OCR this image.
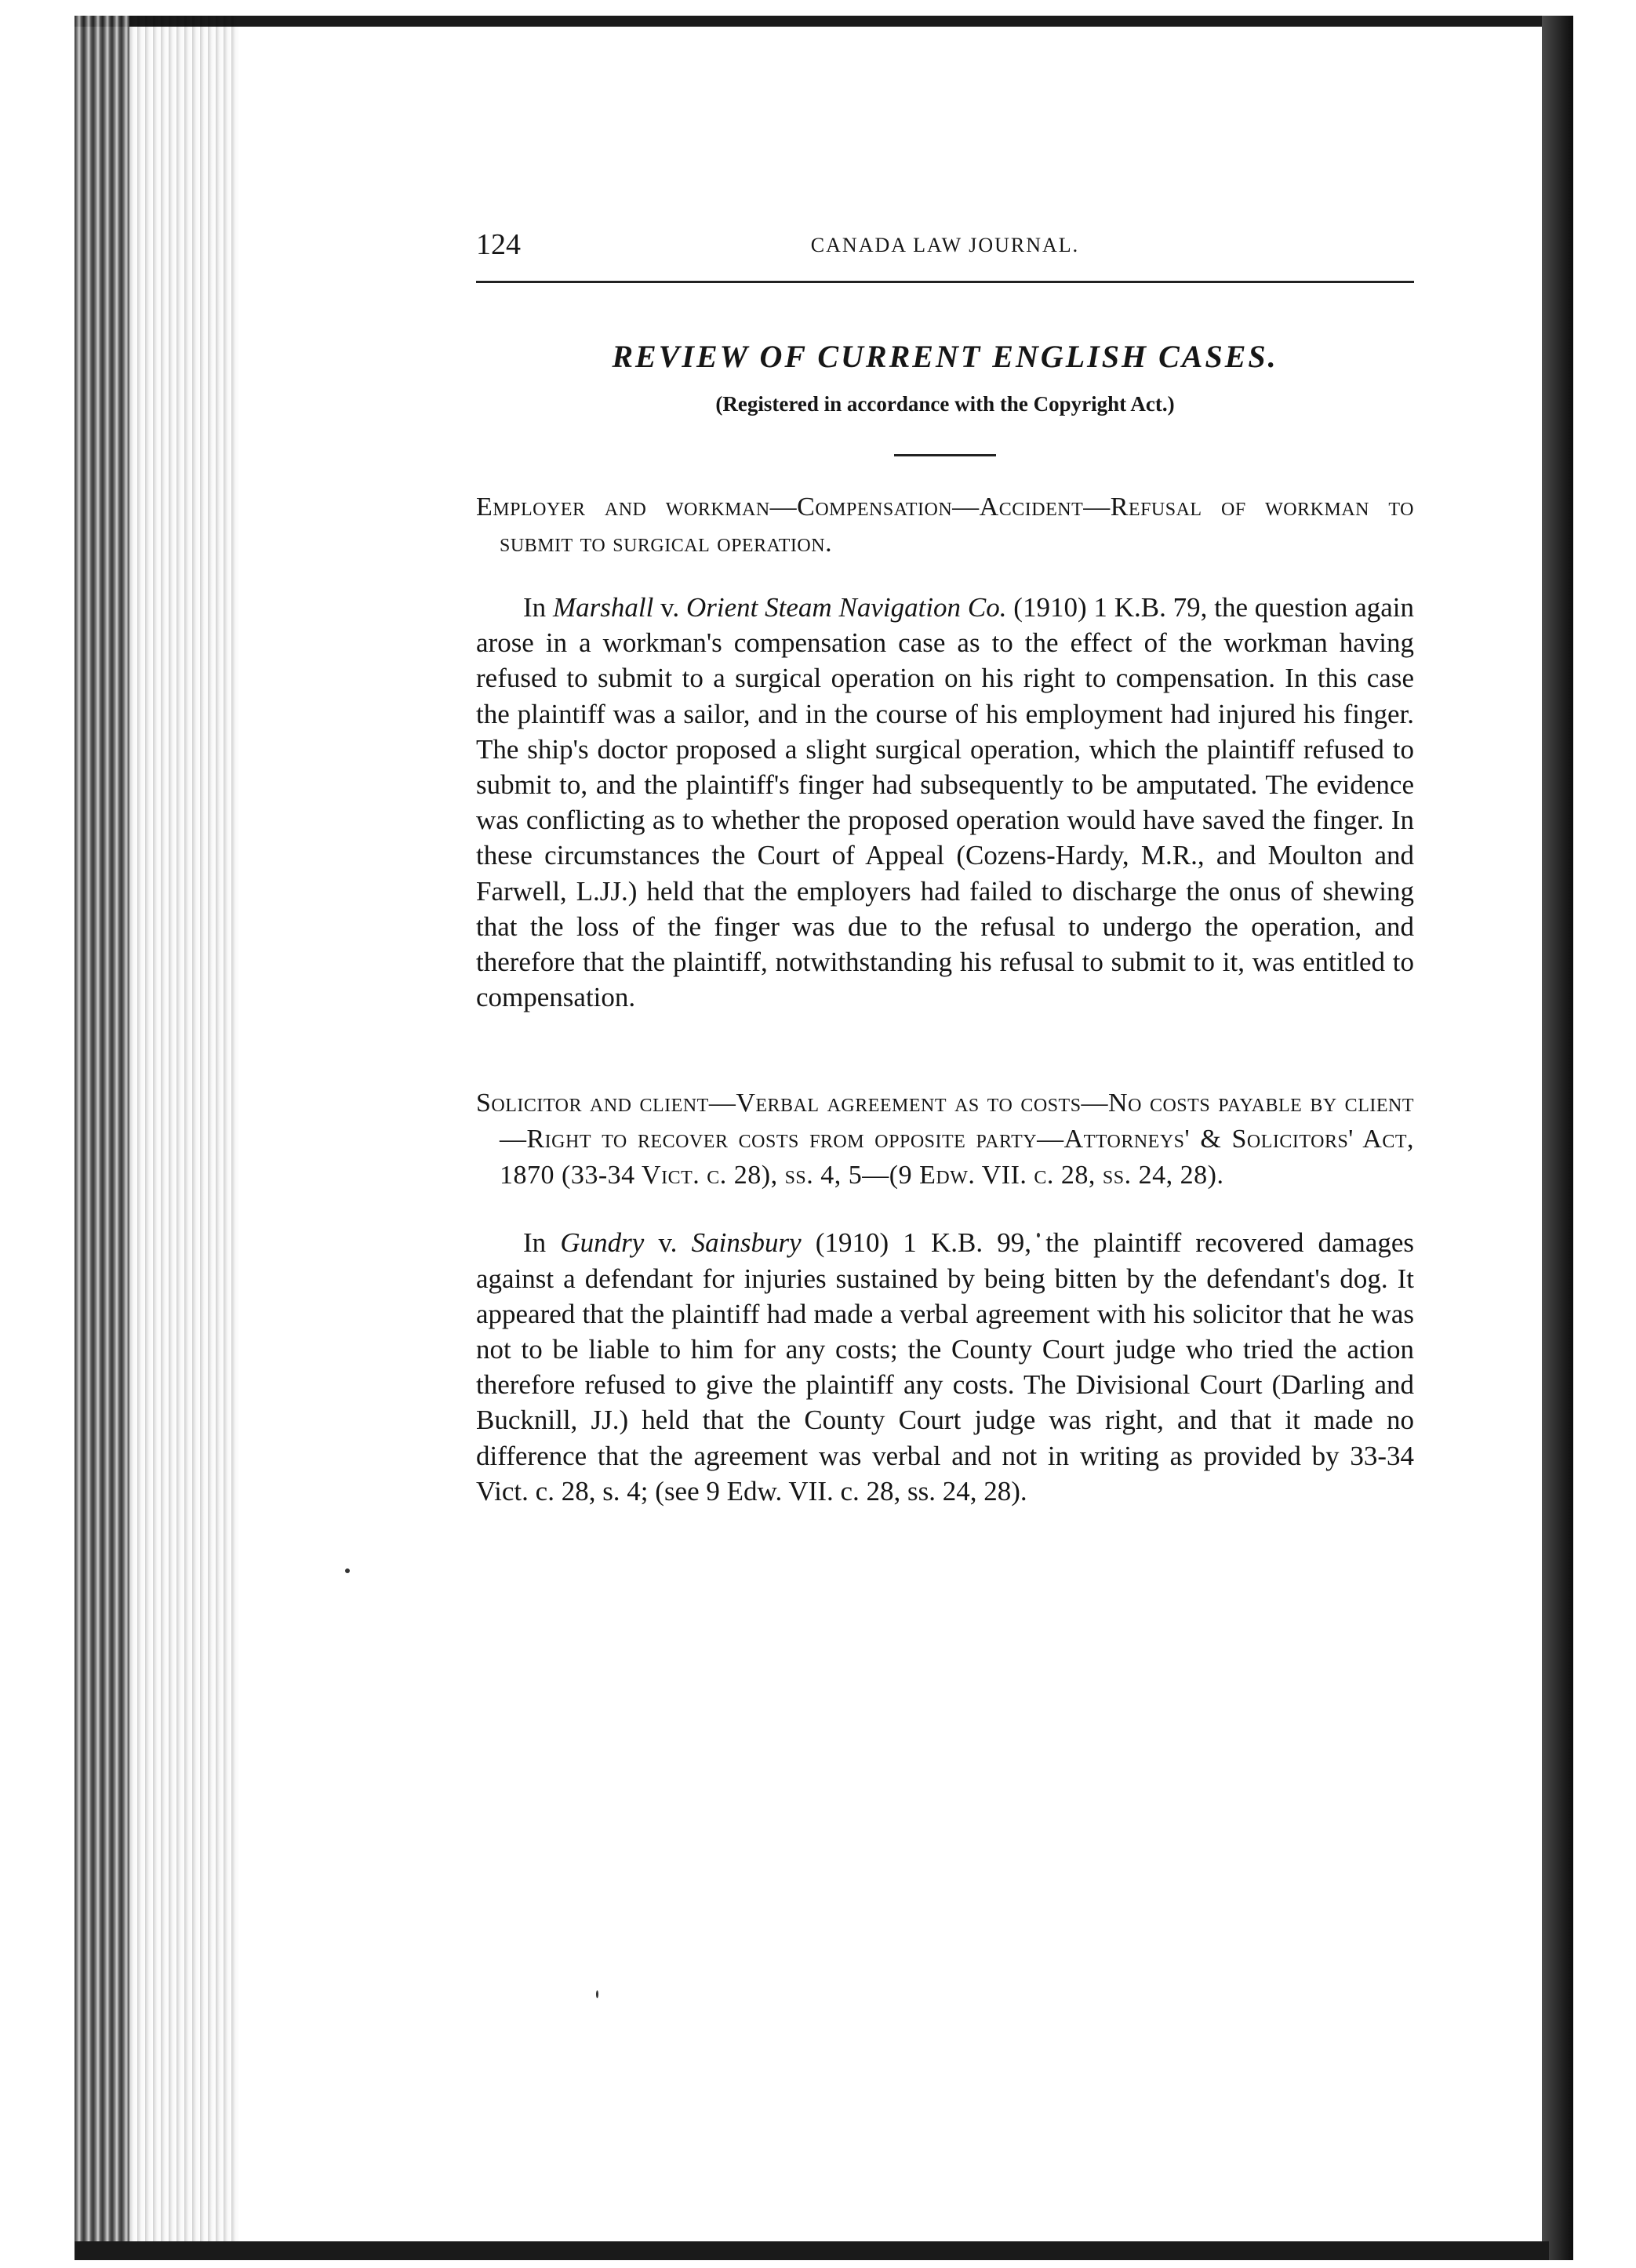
124	CANADA LAW JOURNAL.
REVIEW OF CURRENT ENGLISH CASES.
(Registered in accordance with the Copyright Act.)
Employer and workman—Compensation—Accident—Refusal of workman to submit to surgical operation.

In Marshall v. Orient Steam Navigation Co. (1910) 1 K.B. 79, the question again arose in a workman's compensation case as to the effect of the workman having refused to submit to a surgical operation on his right to compensation. In this case the plaintiff was a sailor, and in the course of his employment had injured his finger. The ship's doctor proposed a slight surgical operation, which the plaintiff refused to submit to, and the plaintiff's finger had subsequently to be amputated. The evidence was conflicting as to whether the proposed operation would have saved the finger. In these circumstances the Court of Appeal (Cozens-Hardy, M.R., and Moulton and Farwell, L.JJ.) held that the employers had failed to discharge the onus of shewing that the loss of the finger was due to the refusal to undergo the operation, and therefore that the plaintiff, notwithstanding his refusal to submit to it, was entitled to compensation.

Solicitor and client—Verbal agreement as to costs—No costs payable by client—Right to recover costs from opposite party—Attorneys' & Solicitors' Act, 1870 (33-34 Vict. c. 28), ss. 4, 5—(9 Edw. VII. c. 28, ss. 24, 28).

In Gundry v. Sainsbury (1910) 1 K.B. 99, the plaintiff recovered damages against a defendant for injuries sustained by being bitten by the defendant's dog. It appeared that the plaintiff had made a verbal agreement with his solicitor that he was not to be liable to him for any costs; the County Court judge who tried the action therefore refused to give the plaintiff any costs. The Divisional Court (Darling and Bucknill, JJ.) held that the County Court judge was right, and that it made no difference that the agreement was verbal and not in writing as provided by 33-34 Vict. c. 28, s. 4; (see 9 Edw. VII. c. 28, ss. 24, 28).
